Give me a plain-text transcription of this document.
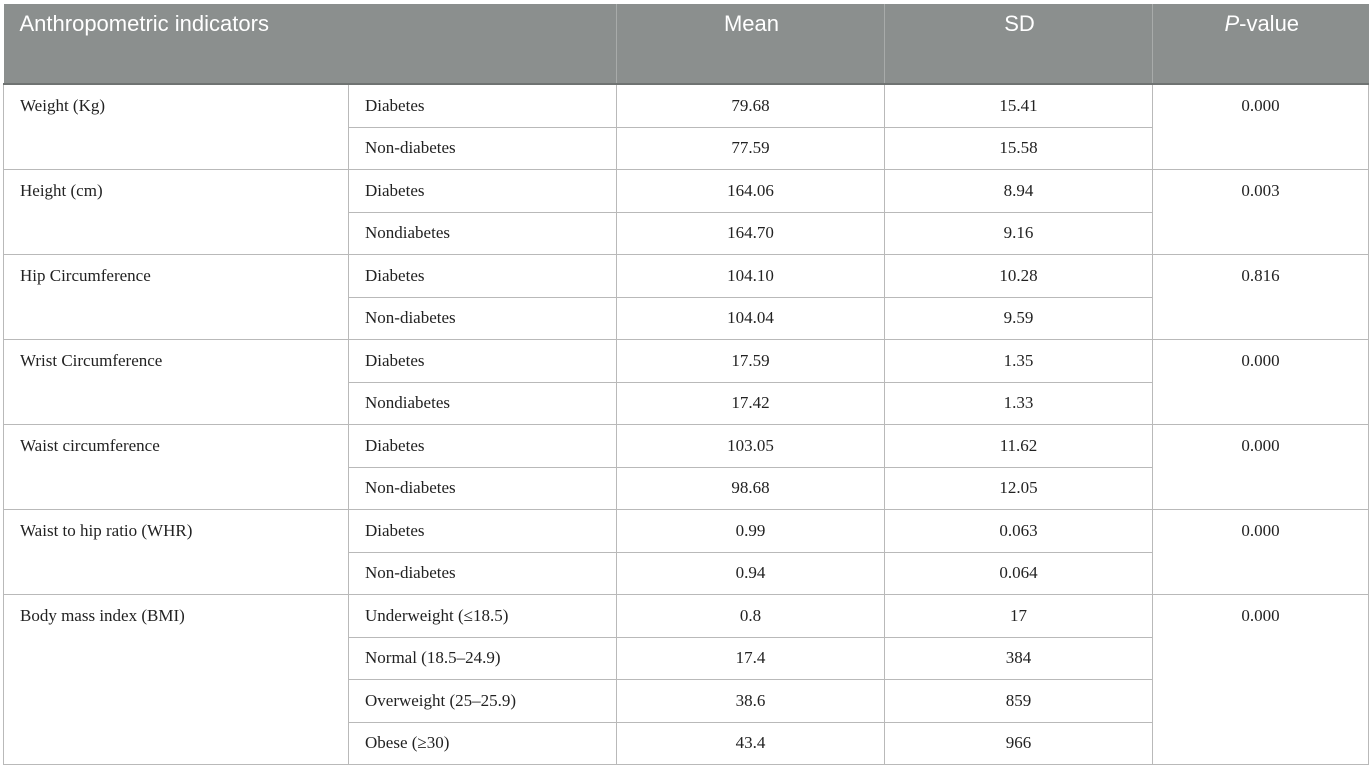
Anthropometric indicators		Mean	SD	P-value
Weight (Kg)	Diabetes	79.68	15.41	0.000
	Non-diabetes	77.59	15.58	
Height (cm)	Diabetes	164.06	8.94	0.003
	Nondiabetes	164.70	9.16	
Hip Circumference	Diabetes	104.10	10.28	0.816
	Non-diabetes	104.04	9.59	
Wrist Circumference	Diabetes	17.59	1.35	0.000
	Nondiabetes	17.42	1.33	
Waist circumference	Diabetes	103.05	11.62	0.000
	Non-diabetes	98.68	12.05	
Waist to hip ratio (WHR)	Diabetes	0.99	0.063	0.000
	Non-diabetes	0.94	0.064	
Body mass index (BMI)	Underweight (≤18.5)	0.8	17	0.000
	Normal (18.5–24.9)	17.4	384	
	Overweight (25–25.9)	38.6	859	
	Obese (≥30)	43.4	966	
